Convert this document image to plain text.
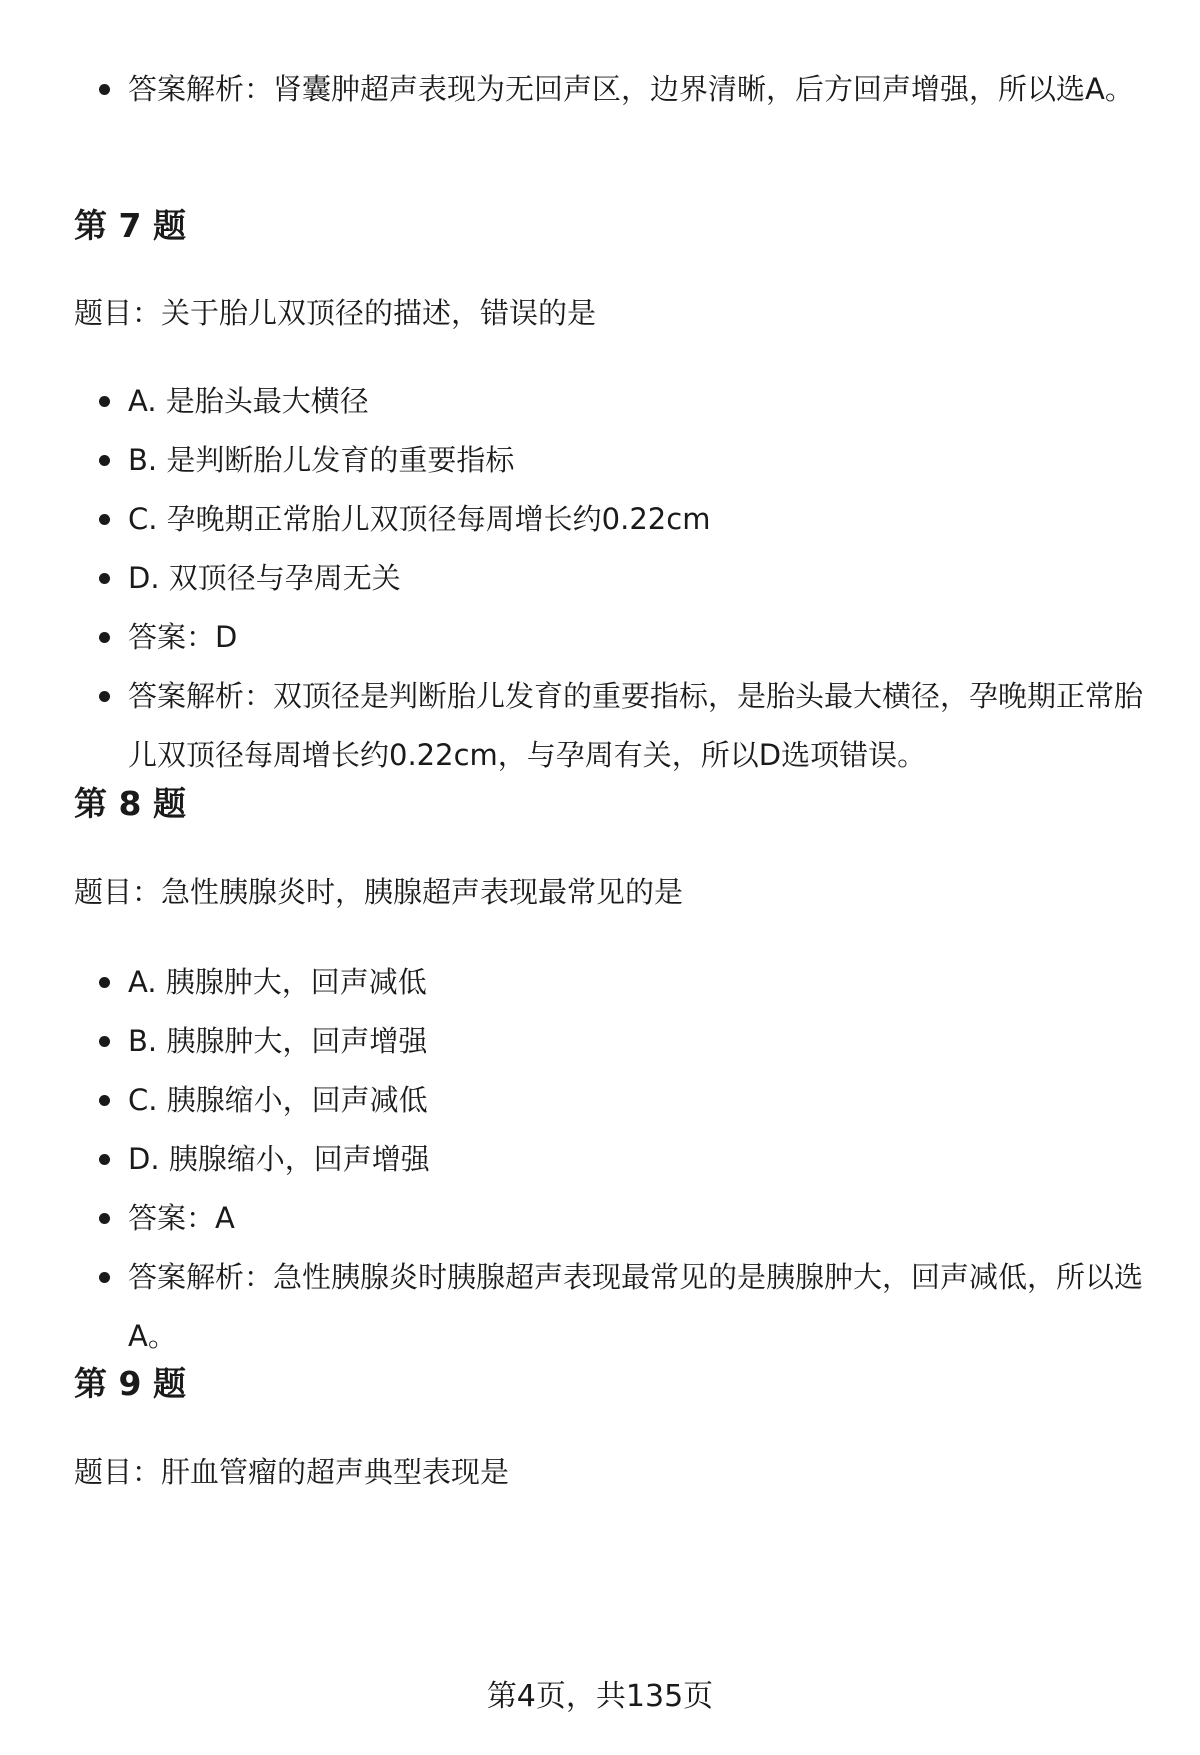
答案解析：肾囊肿超声表现为无回声区，边界清晰，后方回声增强，所以选A。
第 7 题

题目：关于胎儿双顶径的描述，错误的是

A. 是胎头最大横径
B. 是判断胎儿发育的重要指标
C. 孕晚期正常胎儿双顶径每周增长约0.22cm
D. 双顶径与孕周无关
答案：D
答案解析：双顶径是判断胎儿发育的重要指标，是胎头最大横径，孕晚期正常胎儿双顶径每周增长约0.22cm，与孕周有关，所以D选项错误。
第 8 题

题目：急性胰腺炎时，胰腺超声表现最常见的是

A. 胰腺肿大，回声减低
B. 胰腺肿大，回声增强
C. 胰腺缩小，回声减低
D. 胰腺缩小，回声增强
答案：A
答案解析：急性胰腺炎时胰腺超声表现最常见的是胰腺肿大，回声减低，所以选A。
第 9 题

题目：肝血管瘤的超声典型表现是

第4页，共135页
